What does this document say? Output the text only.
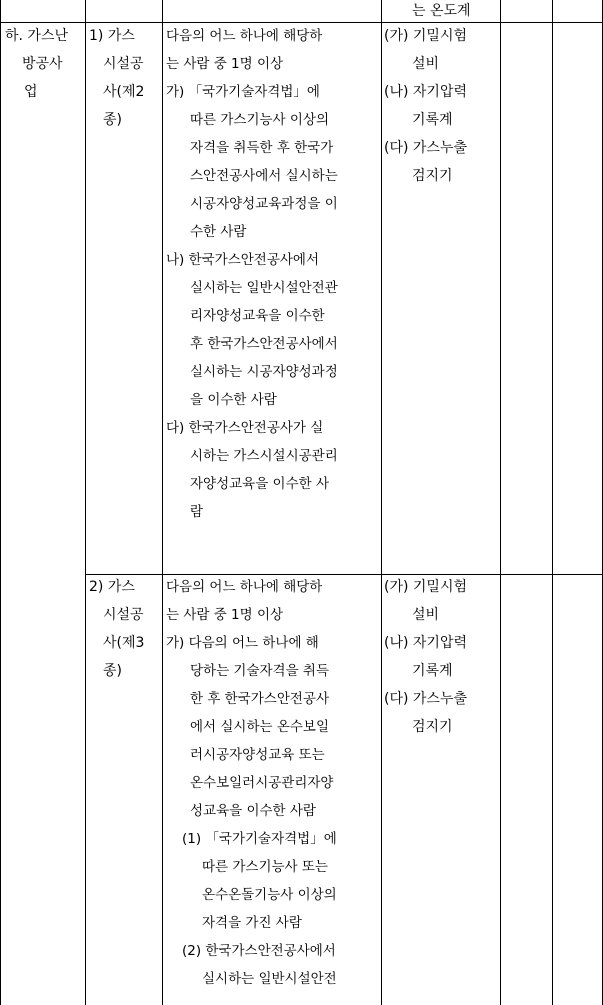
는 온도계
하. 가스난
방공사
업
1) 가스
시설공
사(제2
종)
다음의 어느 하나에 해당하
는 사람 중 1명 이상
가) 「국가기술자격법」에
따른 가스기능사 이상의
자격을 취득한 후 한국가
스안전공사에서 실시하는
시공자양성교육과정을 이
수한 사람
나) 한국가스안전공사에서
실시하는 일반시설안전관
리자양성교육을 이수한
후 한국가스안전공사에서
실시하는 시공자양성과정
을 이수한 사람
다) 한국가스안전공사가 실
시하는 가스시설시공관리
자양성교육을 이수한 사
람
(가) 기밀시험
설비
(나) 자기압력
기록계
(다) 가스누출
검지기
2) 가스
시설공
사(제3
종)
다음의 어느 하나에 해당하
는 사람 중 1명 이상
가) 다음의 어느 하나에 해
당하는 기술자격을 취득
한 후 한국가스안전공사
에서 실시하는 온수보일
러시공자양성교육 또는
온수보일러시공관리자양
성교육을 이수한 사람
(1) 「국가기술자격법」에
따른 가스기능사 또는
온수온돌기능사 이상의
자격을 가진 사람
(2) 한국가스안전공사에서
실시하는 일반시설안전
(가) 기밀시험
설비
(나) 자기압력
기록계
(다) 가스누출
검지기
